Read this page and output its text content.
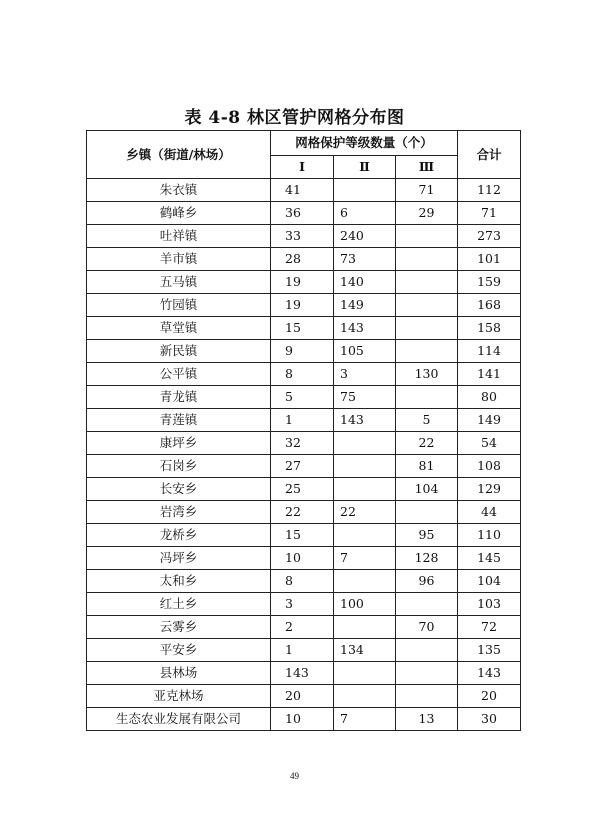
表 4-8 林区管护网格分布图
乡镇（街道/林场）	网格保护等级数量（个）			合计
	Ⅰ	Ⅱ	Ⅲ	
朱衣镇	41		71	112
鹤峰乡	36	6	29	71
吐祥镇	33	240		273
羊市镇	28	73		101
五马镇	19	140		159
竹园镇	19	149		168
草堂镇	15	143		158
新民镇	9	105		114
公平镇	8	3	130	141
青龙镇	5	75		80
青莲镇	1	143	5	149
康坪乡	32		22	54
石岗乡	27		81	108
长安乡	25		104	129
岩湾乡	22	22		44
龙桥乡	15		95	110
冯坪乡	10	7	128	145
太和乡	8		96	104
红土乡	3	100		103
云雾乡	2		70	72
平安乡	1	134		135
县林场	143			143
亚克林场	20			20
生态农业发展有限公司	10	7	13	30
49
